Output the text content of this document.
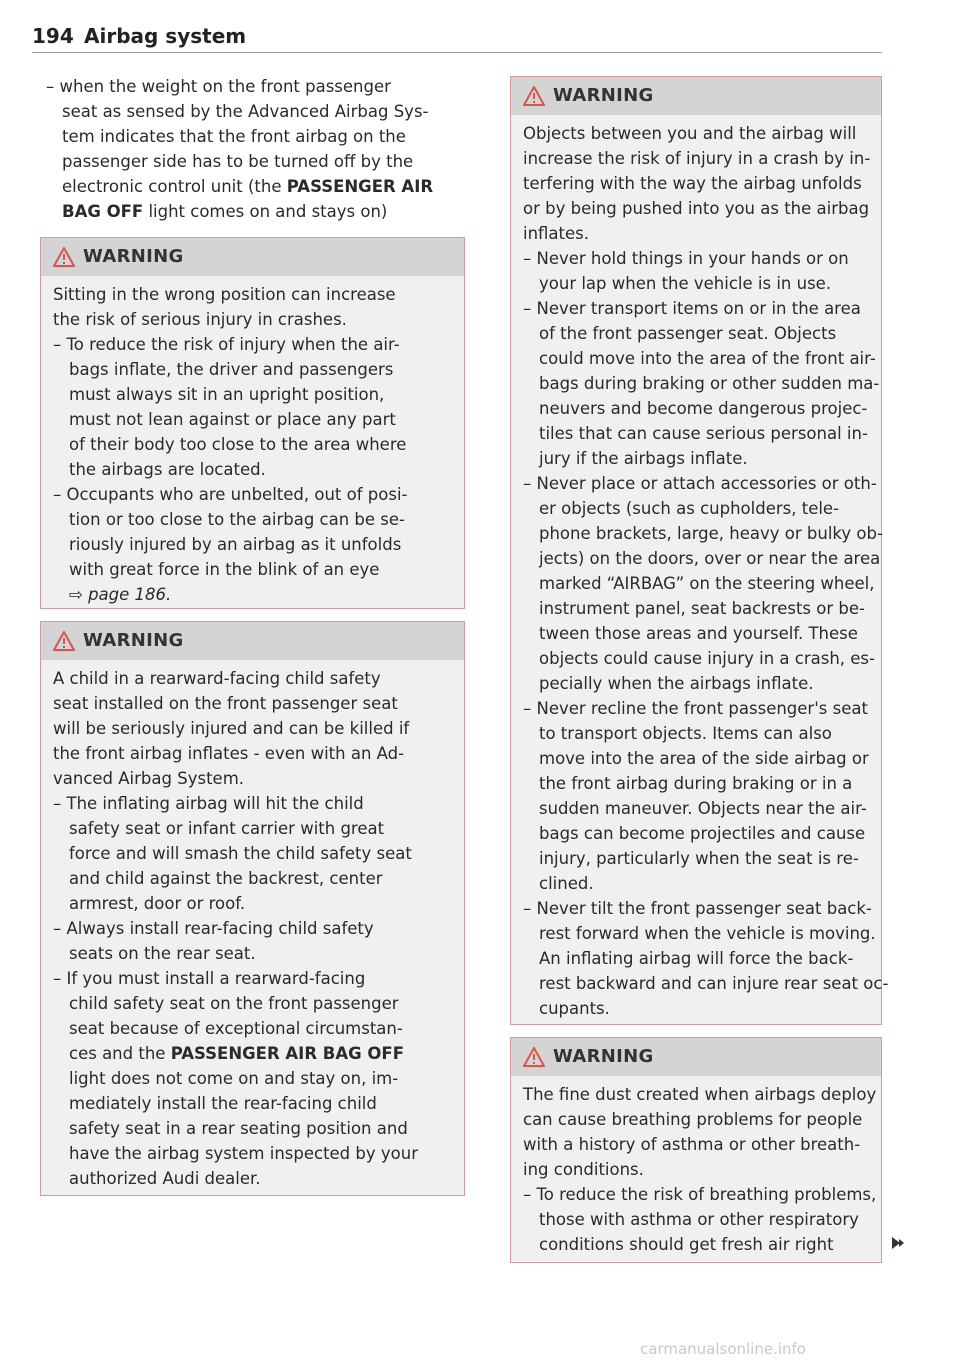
194 Airbag system
– when the weight on the front passenger
seat as sensed by the Advanced Airbag Sys-
tem indicates that the front airbag on the
passenger side has to be turned off by the
electronic control unit (the PASSENGER AIR
BAG OFF light comes on and stays on)
WARNING
Sitting in the wrong position can increase
the risk of serious injury in crashes.
– To reduce the risk of injury when the air-
bags inflate, the driver and passengers
must always sit in an upright position,
must not lean against or place any part
of their body too close to the area where
the airbags are located.
– Occupants who are unbelted, out of posi-
tion or too close to the airbag can be se-
riously injured by an airbag as it unfolds
with great force in the blink of an eye
⇨ page 186.
WARNING
A child in a rearward-facing child safety
seat installed on the front passenger seat
will be seriously injured and can be killed if
the front airbag inflates - even with an Ad-
vanced Airbag System.
– The inflating airbag will hit the child
safety seat or infant carrier with great
force and will smash the child safety seat
and child against the backrest, center
armrest, door or roof.
– Always install rear-facing child safety
seats on the rear seat.
– If you must install a rearward-facing
child safety seat on the front passenger
seat because of exceptional circumstan-
ces and the PASSENGER AIR BAG OFF
light does not come on and stay on, im-
mediately install the rear-facing child
safety seat in a rear seating position and
have the airbag system inspected by your
authorized Audi dealer.
WARNING
Objects between you and the airbag will
increase the risk of injury in a crash by in-
terfering with the way the airbag unfolds
or by being pushed into you as the airbag
inflates.
– Never hold things in your hands or on
your lap when the vehicle is in use.
– Never transport items on or in the area
of the front passenger seat. Objects
could move into the area of the front air-
bags during braking or other sudden ma-
neuvers and become dangerous projec-
tiles that can cause serious personal in-
jury if the airbags inflate.
– Never place or attach accessories or oth-
er objects (such as cupholders, tele-
phone brackets, large, heavy or bulky ob-
jects) on the doors, over or near the area
marked “AIRBAG” on the steering wheel,
instrument panel, seat backrests or be-
tween those areas and yourself. These
objects could cause injury in a crash, es-
pecially when the airbags inflate.
– Never recline the front passenger's seat
to transport objects. Items can also
move into the area of the side airbag or
the front airbag during braking or in a
sudden maneuver. Objects near the air-
bags can become projectiles and cause
injury, particularly when the seat is re-
clined.
– Never tilt the front passenger seat back-
rest forward when the vehicle is moving.
An inflating airbag will force the back-
rest backward and can injure rear seat oc-
cupants.
WARNING
The fine dust created when airbags deploy
can cause breathing problems for people
with a history of asthma or other breath-
ing conditions.
– To reduce the risk of breathing problems,
those with asthma or other respiratory
conditions should get fresh air right
carmanualsonline.info
